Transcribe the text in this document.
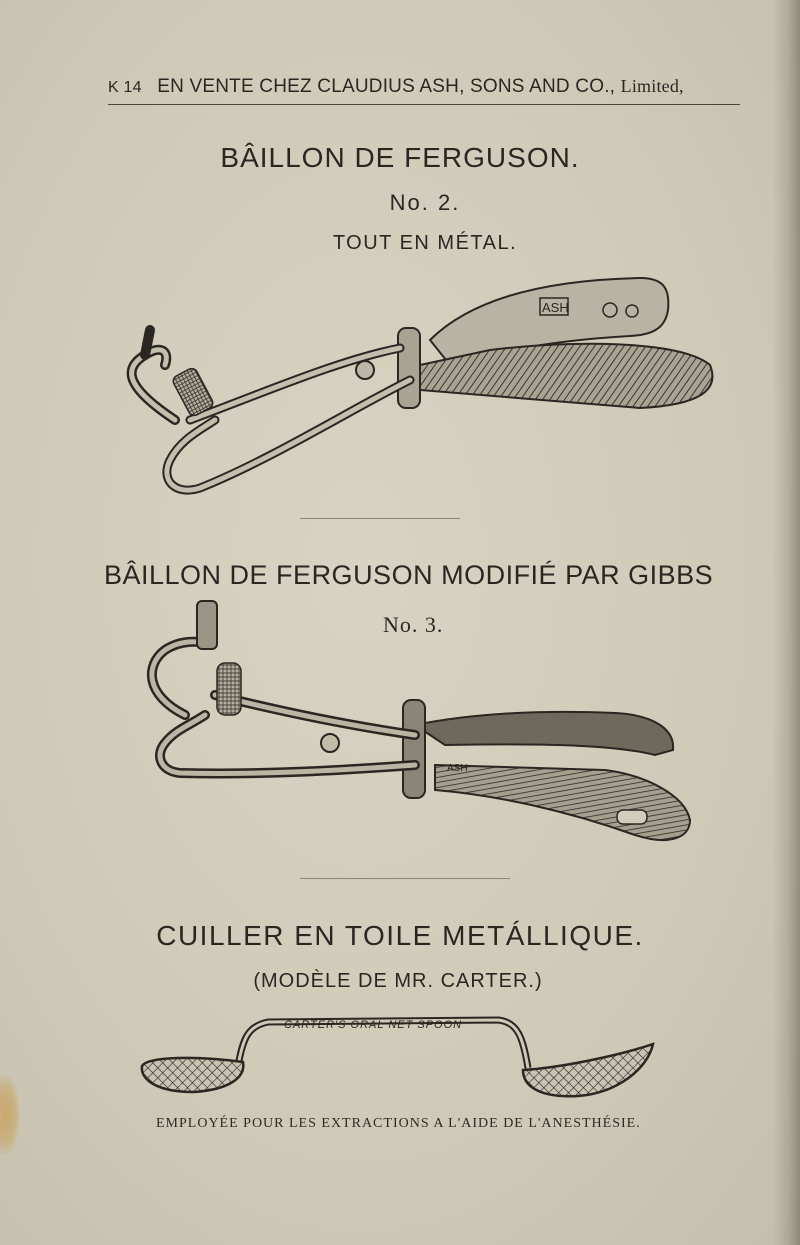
K 14 EN VENTE CHEZ CLAUDIUS ASH, SONS AND CO., Limited,
BÂILLON DE FERGUSON.
No. 2.
TOUT EN MÉTAL.
ASH
BÂILLON DE FERGUSON MODIFIÉ PAR GIBBS
No. 3.
ASH
CUILLER EN TOILE METÁLLIQUE.
(MODÈLE DE MR. CARTER.)
CARTER'S ORAL NET SPOON
EMPLOYÉE POUR LES EXTRACTIONS A L'AIDE DE L'ANESTHÉSIE.
